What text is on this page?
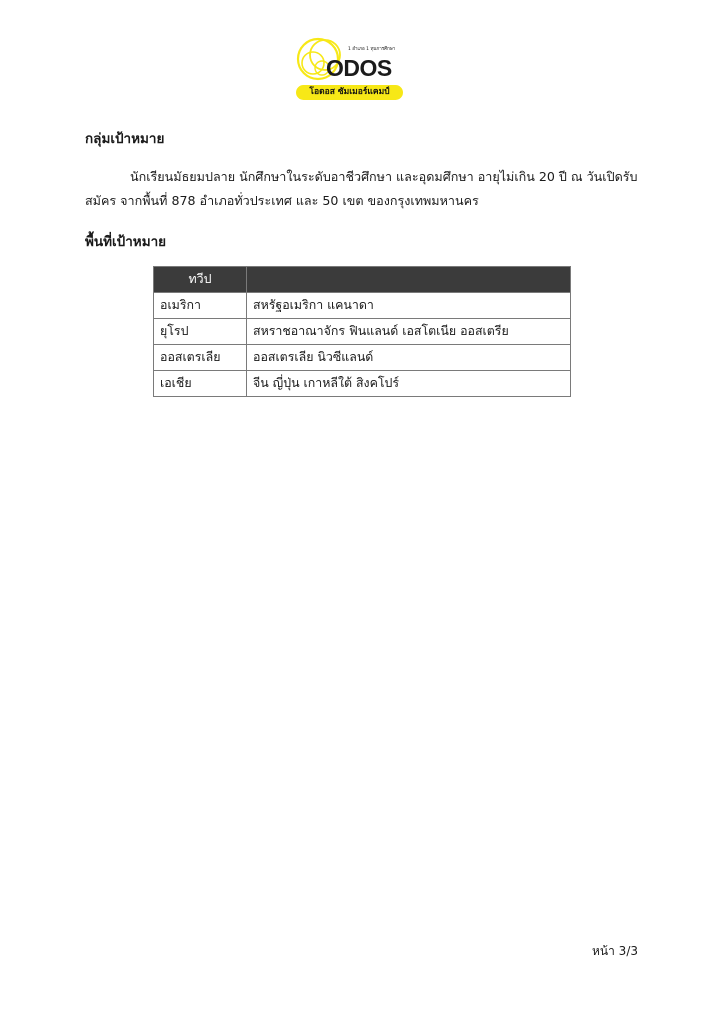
1 อำเภอ 1 ทุนการศึกษา
ODOS
โอดอส ซัมเมอร์แคมป์
กลุ่มเป้าหมาย

นักเรียนมัธยมปลาย นักศึกษาในระดับอาชีวศึกษา และอุดมศึกษา อายุไม่เกิน 20 ปี ณ วันเปิดรับ
สมัคร จากพื้นที่ 878 อำเภอทั่วประเทศ และ 50 เขต ของกรุงเทพมหานคร

พื้นที่เป้าหมาย
ทวีป	
อเมริกา	สหรัฐอเมริกา แคนาดา
ยุโรป	สหราชอาณาจักร ฟินแลนด์ เอสโตเนีย ออสเตรีย
ออสเตรเลีย	ออสเตรเลีย นิวซีแลนด์
เอเชีย	จีน ญี่ปุ่น เกาหลีใต้ สิงคโปร์
หน้า 3/3
